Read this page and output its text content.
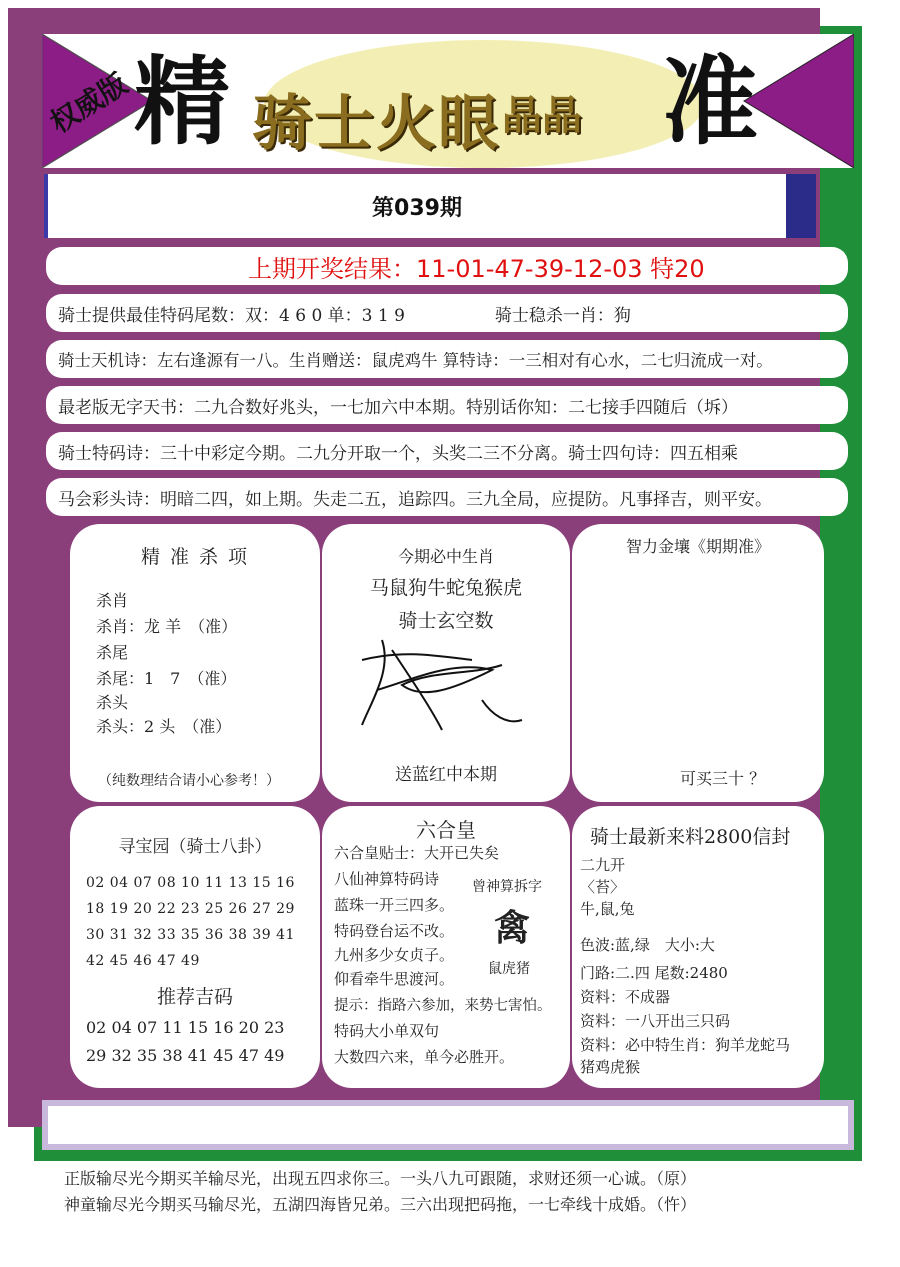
权威版 精 骑士火眼 晶晶 准
第039期
上期开奖结果：11-01-47-39-12-03 特20
骑士提供最佳特码尾数：双：4 6 0 单：3 1 9	骑士稳杀一肖：狗
骑士天机诗：左右逢源有一八。生肖赠送：鼠虎鸡牛 算特诗：一三相对有心水，二七归流成一对。
最老版无字天书：二九合数好兆头，一七加六中本期。特别话你知：二七接手四随后（坼）
骑士特码诗：三十中彩定今期。二九分开取一个，头奖二三不分离。骑士四句诗：四五相乘
马会彩头诗：明暗二四，如上期。失走二五，追踪四。三九全局，应提防。凡事择吉，则平安。
精 准 杀 项
杀肖
杀肖：龙 羊　（准）
杀尾
杀尾：1　7　（准）
杀头
杀头：2 头　（准）
（纯数理结合请小心参考！）
今期必中生肖
马鼠狗牛蛇兔猴虎
骑士玄空数
送蓝红中本期
智力金壤《期期准》
可买三十 ？
寻宝园（骑士八卦）
02 04 07 08 10 11 13 15 16
18 19 20 22 23 25 26 27 29
30 31 32 33 35 36 38 39 41
42 45 46 47 49
推荐吉码
02 04 07 11 15 16 20 23
29 32 35 38 41 45 47 49
六合皇
六合皇贴士：大开已失矣
八仙神算特码诗
蓝珠一开三四多。
特码登台运不改。
九州多少女贞子。
仰看牵牛思渡河。
提示：指路六参加，来势七害怕。
特码大小单双句
大数四六来，单今必胜开。
曾神算拆字
禽
鼠虎猪
骑士最新来料2800信封
二九开
〈苔〉
牛,鼠,兔
色波:蓝,绿　大小:大
门路:二.四 尾数:2480
资料：不成器
资料：一八开出三只码
资料：必中特生肖：狗羊龙蛇马
猪鸡虎猴
正版输尽光今期买羊输尽光，出现五四求你三。一头八九可跟随，求财还须一心诚。（原）
神童输尽光今期买马输尽光，五湖四海皆兄弟。三六出现把码拖，一七牵线十成婚。（忤）
